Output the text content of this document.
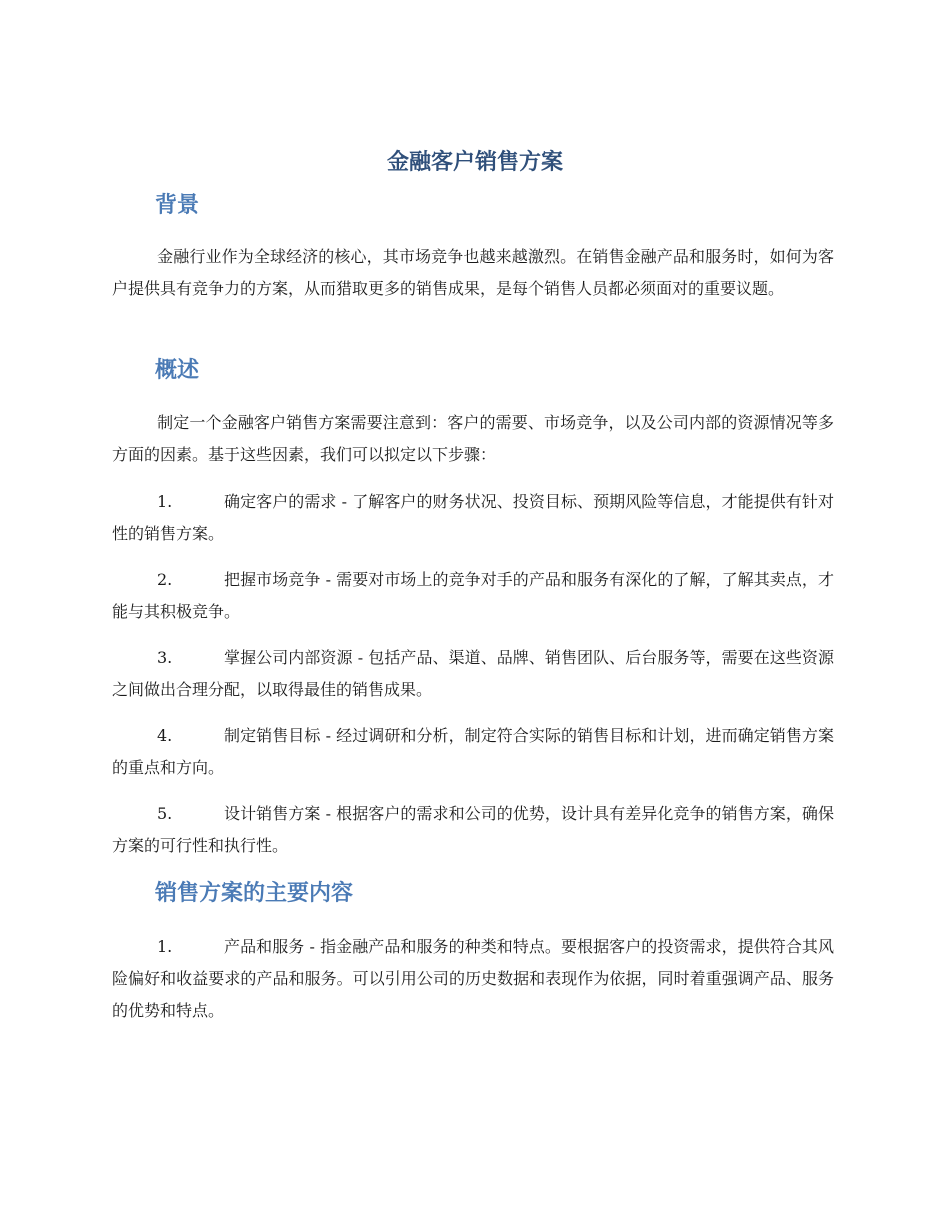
金融客户销售方案
背景

金融行业作为全球经济的核心，其市场竞争也越来越激烈。在销售金融产品和服务时，如何为客户提供具有竞争力的方案，从而猎取更多的销售成果，是每个销售人员都必须面对的重要议题。

概述

制定一个金融客户销售方案需要注意到：客户的需要、市场竞争，以及公司内部的资源情况等多方面的因素。基于这些因素，我们可以拟定以下步骤：

1.	确定客户的需求 - 了解客户的财务状况、投资目标、预期风险等信息，才能提供有针对性的销售方案。

2.	把握市场竞争 - 需要对市场上的竞争对手的产品和服务有深化的了解，了解其卖点，才能与其积极竞争。

3.	掌握公司内部资源 - 包括产品、渠道、品牌、销售团队、后台服务等，需要在这些资源之间做出合理分配，以取得最佳的销售成果。

4.	制定销售目标 - 经过调研和分析，制定符合实际的销售目标和计划，进而确定销售方案的重点和方向。

5.	设计销售方案 - 根据客户的需求和公司的优势，设计具有差异化竞争的销售方案，确保方案的可行性和执行性。

销售方案的主要内容

1.	产品和服务 - 指金融产品和服务的种类和特点。要根据客户的投资需求，提供符合其风险偏好和收益要求的产品和服务。可以引用公司的历史数据和表现作为依据，同时着重强调产品、服务的优势和特点。
